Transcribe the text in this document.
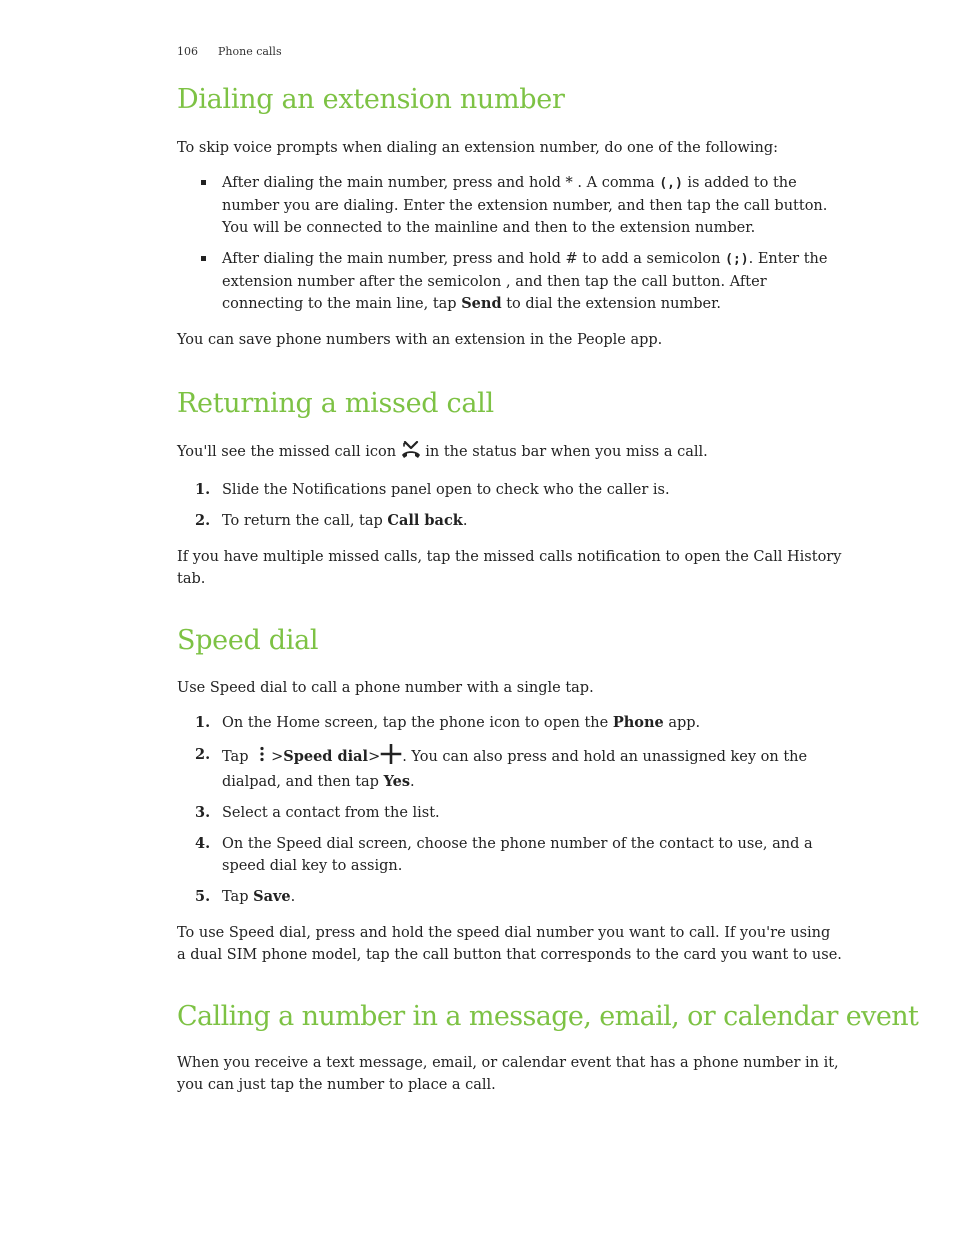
106 Phone calls
Dialing an extension number

To skip voice prompts when dialing an extension number, do one of the following:

After dialing the main number, press and hold * . A comma (,) is added to the number you are dialing. Enter the extension number, and then tap the call button. You will be connected to the mainline and then to the extension number.
After dialing the main number, press and hold # to add a semicolon (;). Enter the extension number after the semicolon , and then tap the call button. After connecting to the main line, tap Send to dial the extension number.

You can save phone numbers with an extension in the People app.

Returning a missed call

You'll see the missed call icon in the status bar when you miss a call.

1. Slide the Notifications panel open to check who the caller is.
2. To return the call, tap Call back.

If you have multiple missed calls, tap the missed calls notification to open the Call History tab.

Speed dial

Use Speed dial to call a phone number with a single tap.

1. On the Home screen, tap the phone icon to open the Phone app.
2. Tap >Speed dial> . You can also press and hold an unassigned key on the dialpad, and then tap Yes.
3. Select a contact from the list.
4. On the Speed dial screen, choose the phone number of the contact to use, and a speed dial key to assign.
5. Tap Save.

To use Speed dial, press and hold the speed dial number you want to call. If you're using a dual SIM phone model, tap the call button that corresponds to the card you want to use.

Calling a number in a message, email, or calendar event

When you receive a text message, email, or calendar event that has a phone number in it, you can just tap the number to place a call.
